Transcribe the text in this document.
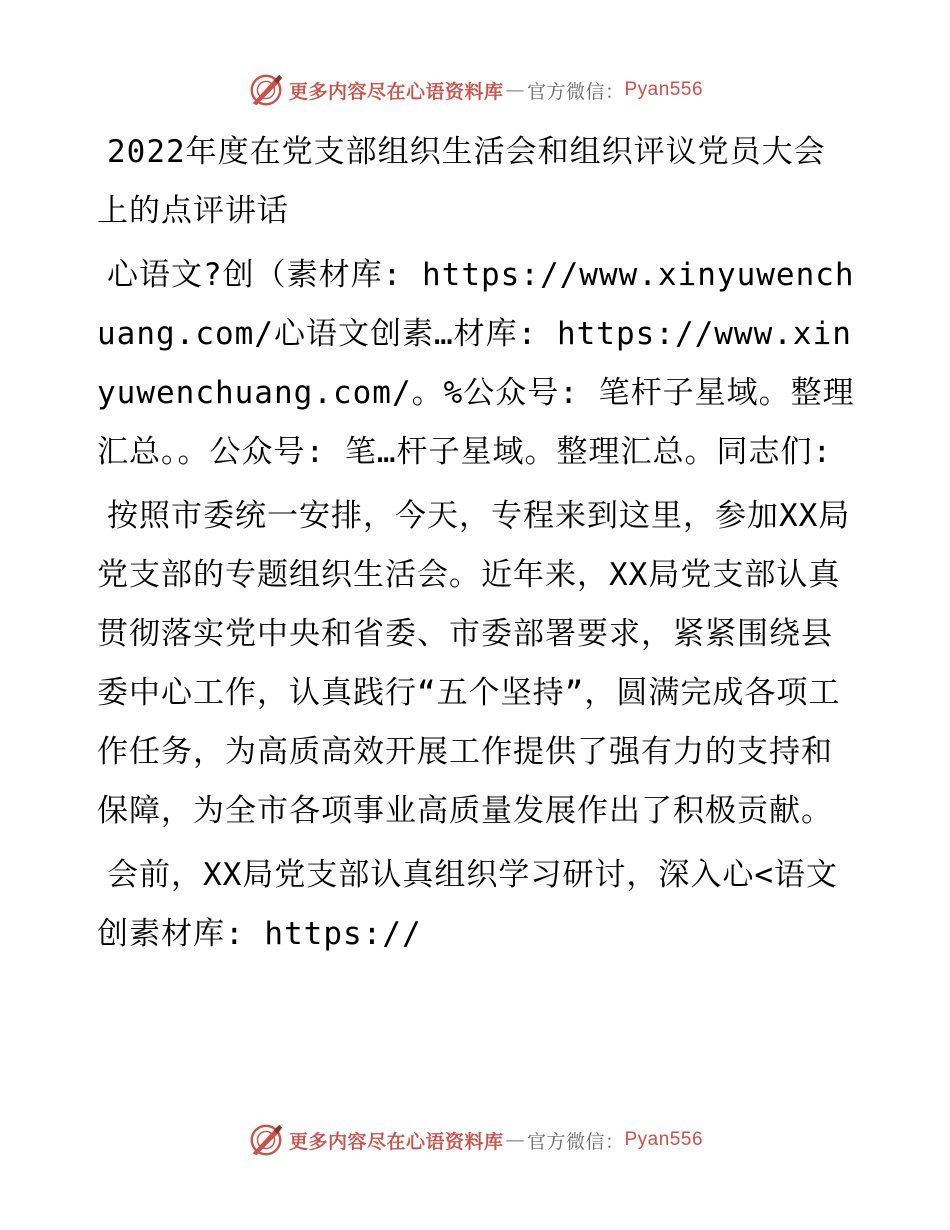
更多内容尽在心语资料库 — 官方微信： Pyan556

2022年度在党支部组织生活会和组织评议党员大会上的点评讲话

心语文?创（素材库: https://www.xinyuwenchuang.com/心语文创素…材库: https://www.xinyuwenchuang.com/。%公众号: 笔杆子星域。整理汇总。。公众号: 笔…杆子星域。整理汇总。同志们:

按照市委统一安排，今天，专程来到这里，参加XX局党支部的专题组织生活会。近年来，XX局党支部认真贯彻落实党中央和省委、市委部署要求，紧紧围绕县委中心工作，认真践行“五个坚持”，圆满完成各项工作任务，为高质高效开展工作提供了强有力的支持和保障，为全市各项事业高质量发展作出了积极贡献。

会前，XX局党支部认真组织学习研讨，深入心<语文创素材库: https://

更多内容尽在心语资料库 — 官方微信： Pyan556
